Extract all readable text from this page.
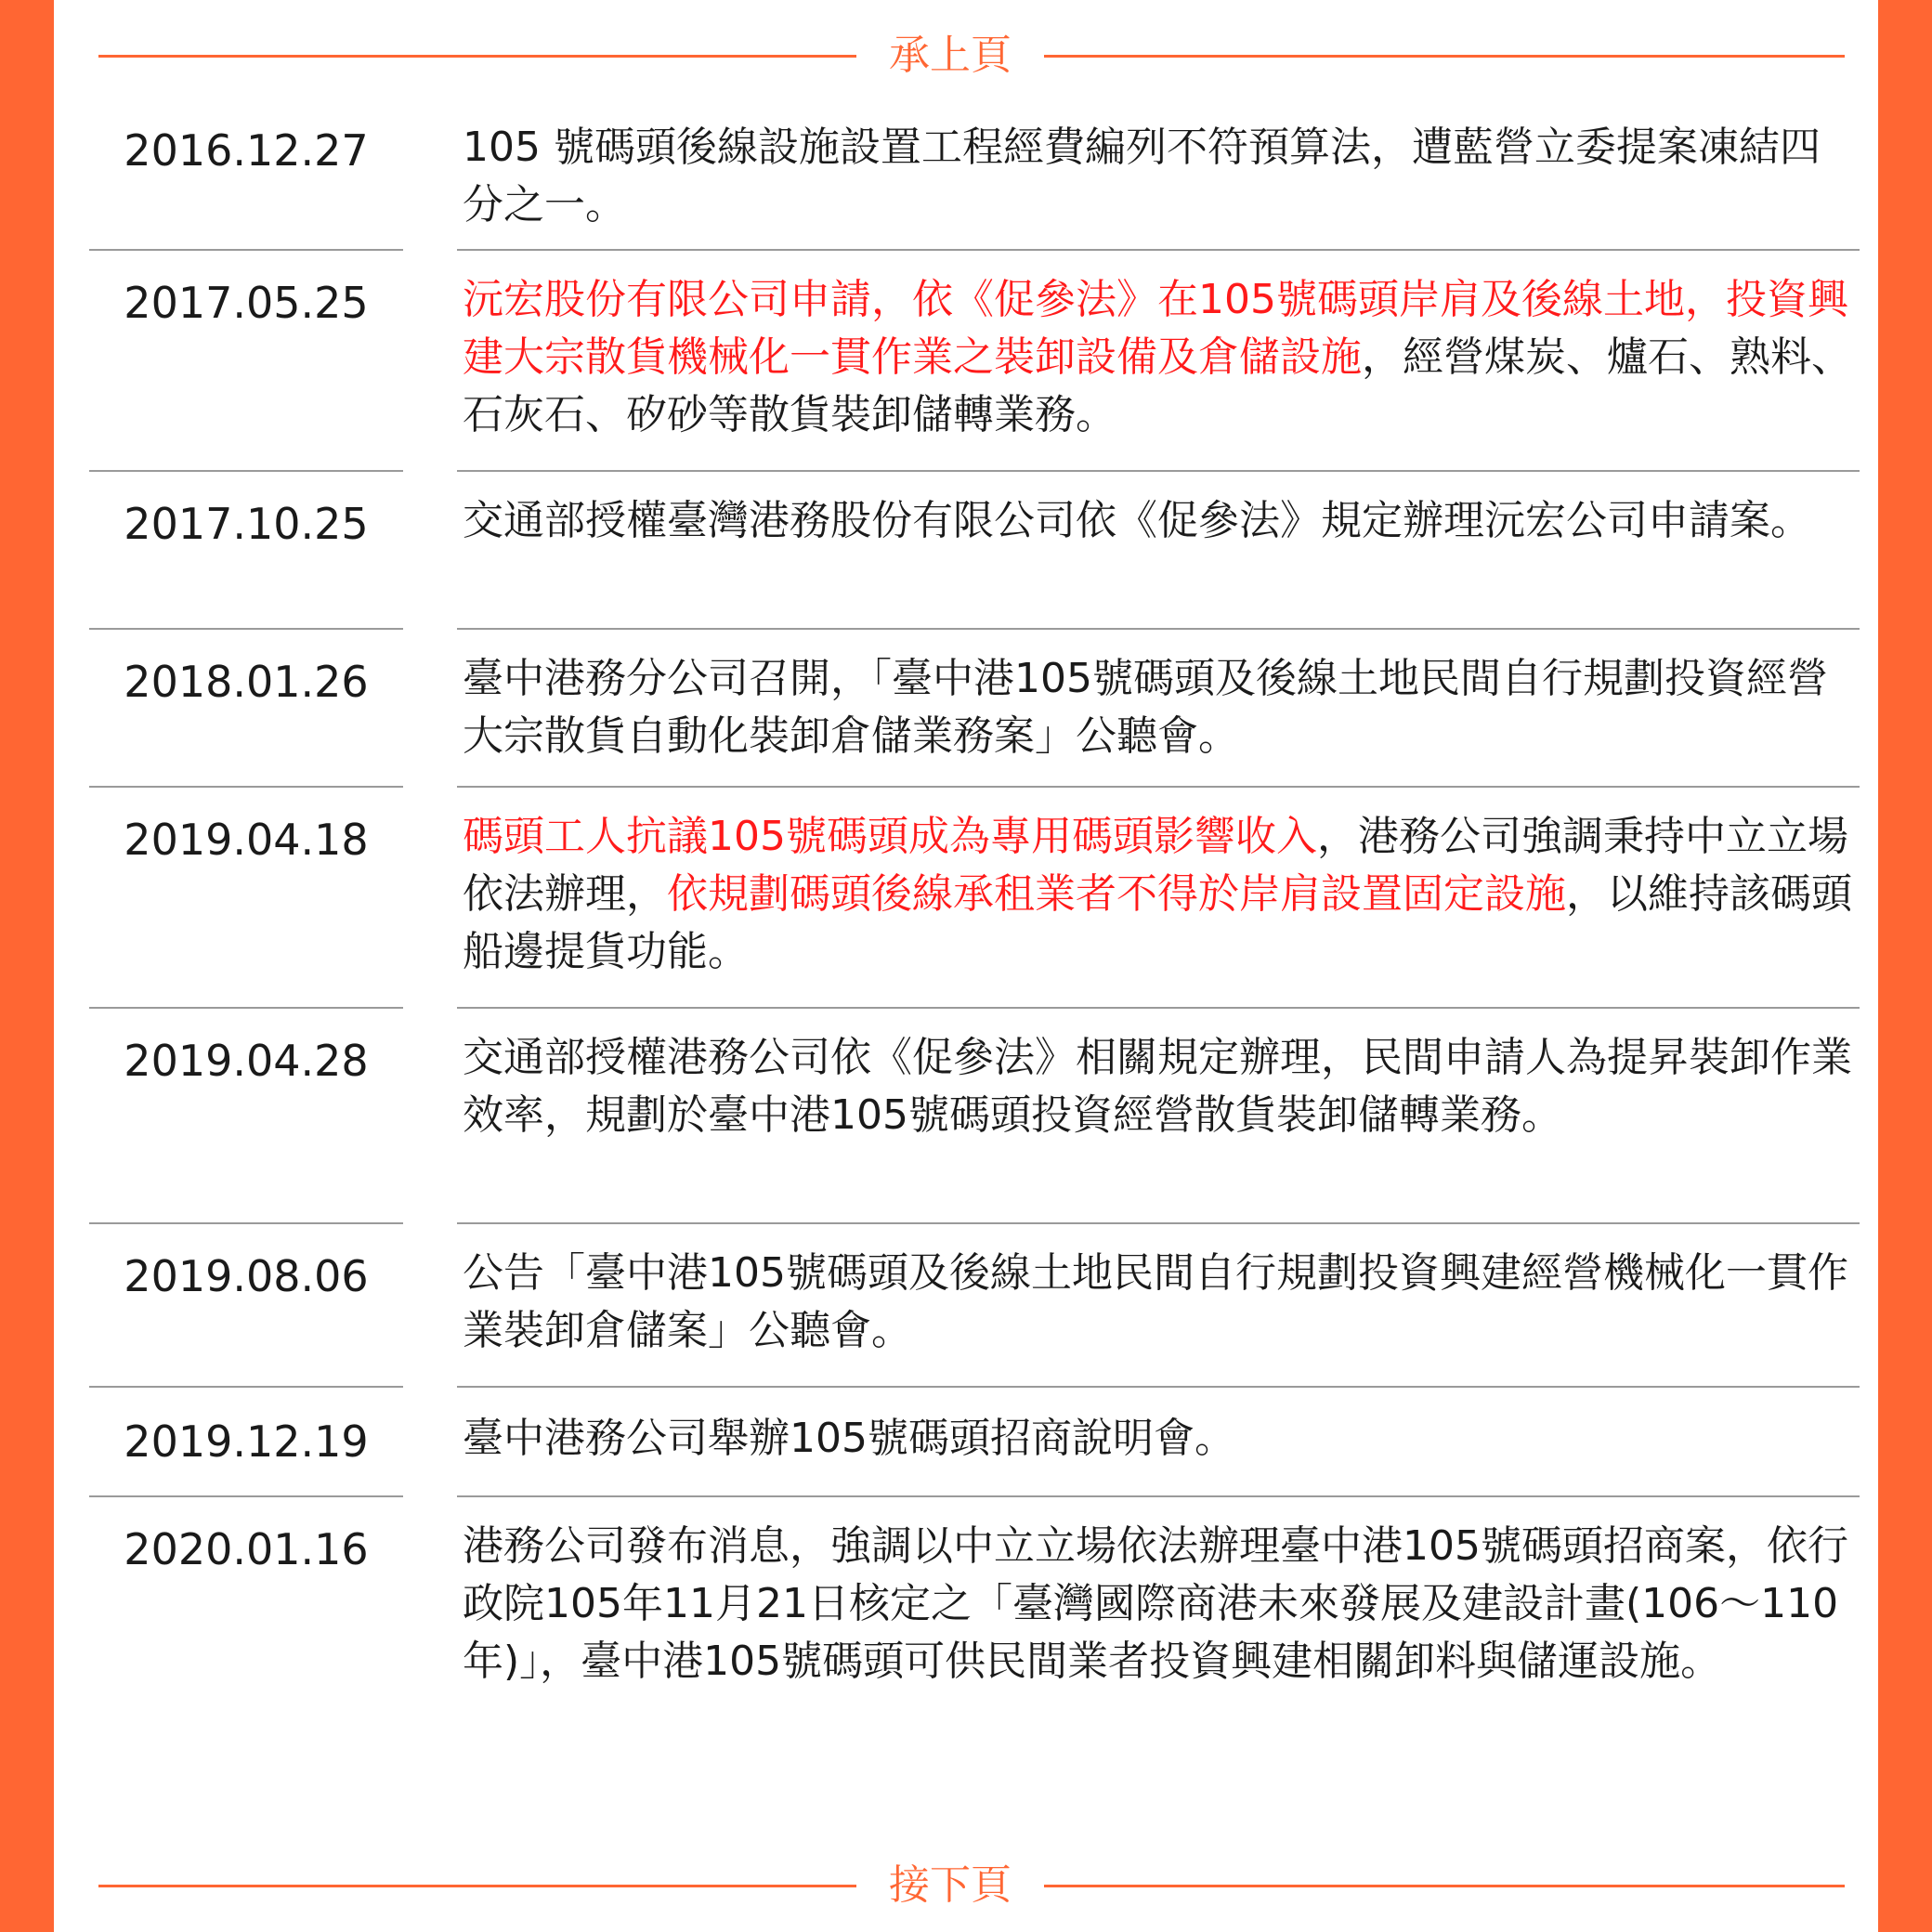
承上頁
2016.12.27	105 號碼頭後線設施設置工程經費編列不符預算法，遭藍營立委提案凍結四分之一。
2017.05.25	沅宏股份有限公司申請，依《促參法》在105號碼頭岸肩及後線土地，投資興建大宗散貨機械化一貫作業之裝卸設備及倉儲設施，經營煤炭、爐石、熟料、石灰石、矽砂等散貨裝卸儲轉業務。
2017.10.25	交通部授權臺灣港務股份有限公司依《促參法》規定辦理沅宏公司申請案。
2018.01.26	臺中港務分公司召開，「臺中港105號碼頭及後線土地民間自行規劃投資經營大宗散貨自動化裝卸倉儲業務案」公聽會。
2019.04.18	碼頭工人抗議105號碼頭成為專用碼頭影響收入，港務公司強調秉持中立立場依法辦理，依規劃碼頭後線承租業者不得於岸肩設置固定設施，以維持該碼頭船邊提貨功能。
2019.04.28	交通部授權港務公司依《促參法》相關規定辦理，民間申請人為提昇裝卸作業效率，規劃於臺中港105號碼頭投資經營散貨裝卸儲轉業務。
2019.08.06	公告「臺中港105號碼頭及後線土地民間自行規劃投資興建經營機械化一貫作業裝卸倉儲案」公聽會。
2019.12.19	臺中港務公司舉辦105號碼頭招商說明會。
2020.01.16	港務公司發布消息，強調以中立立場依法辦理臺中港105號碼頭招商案，依行政院105年11月21日核定之「臺灣國際商港未來發展及建設計畫(106～110年)」，臺中港105號碼頭可供民間業者投資興建相關卸料與儲運設施。
接下頁
